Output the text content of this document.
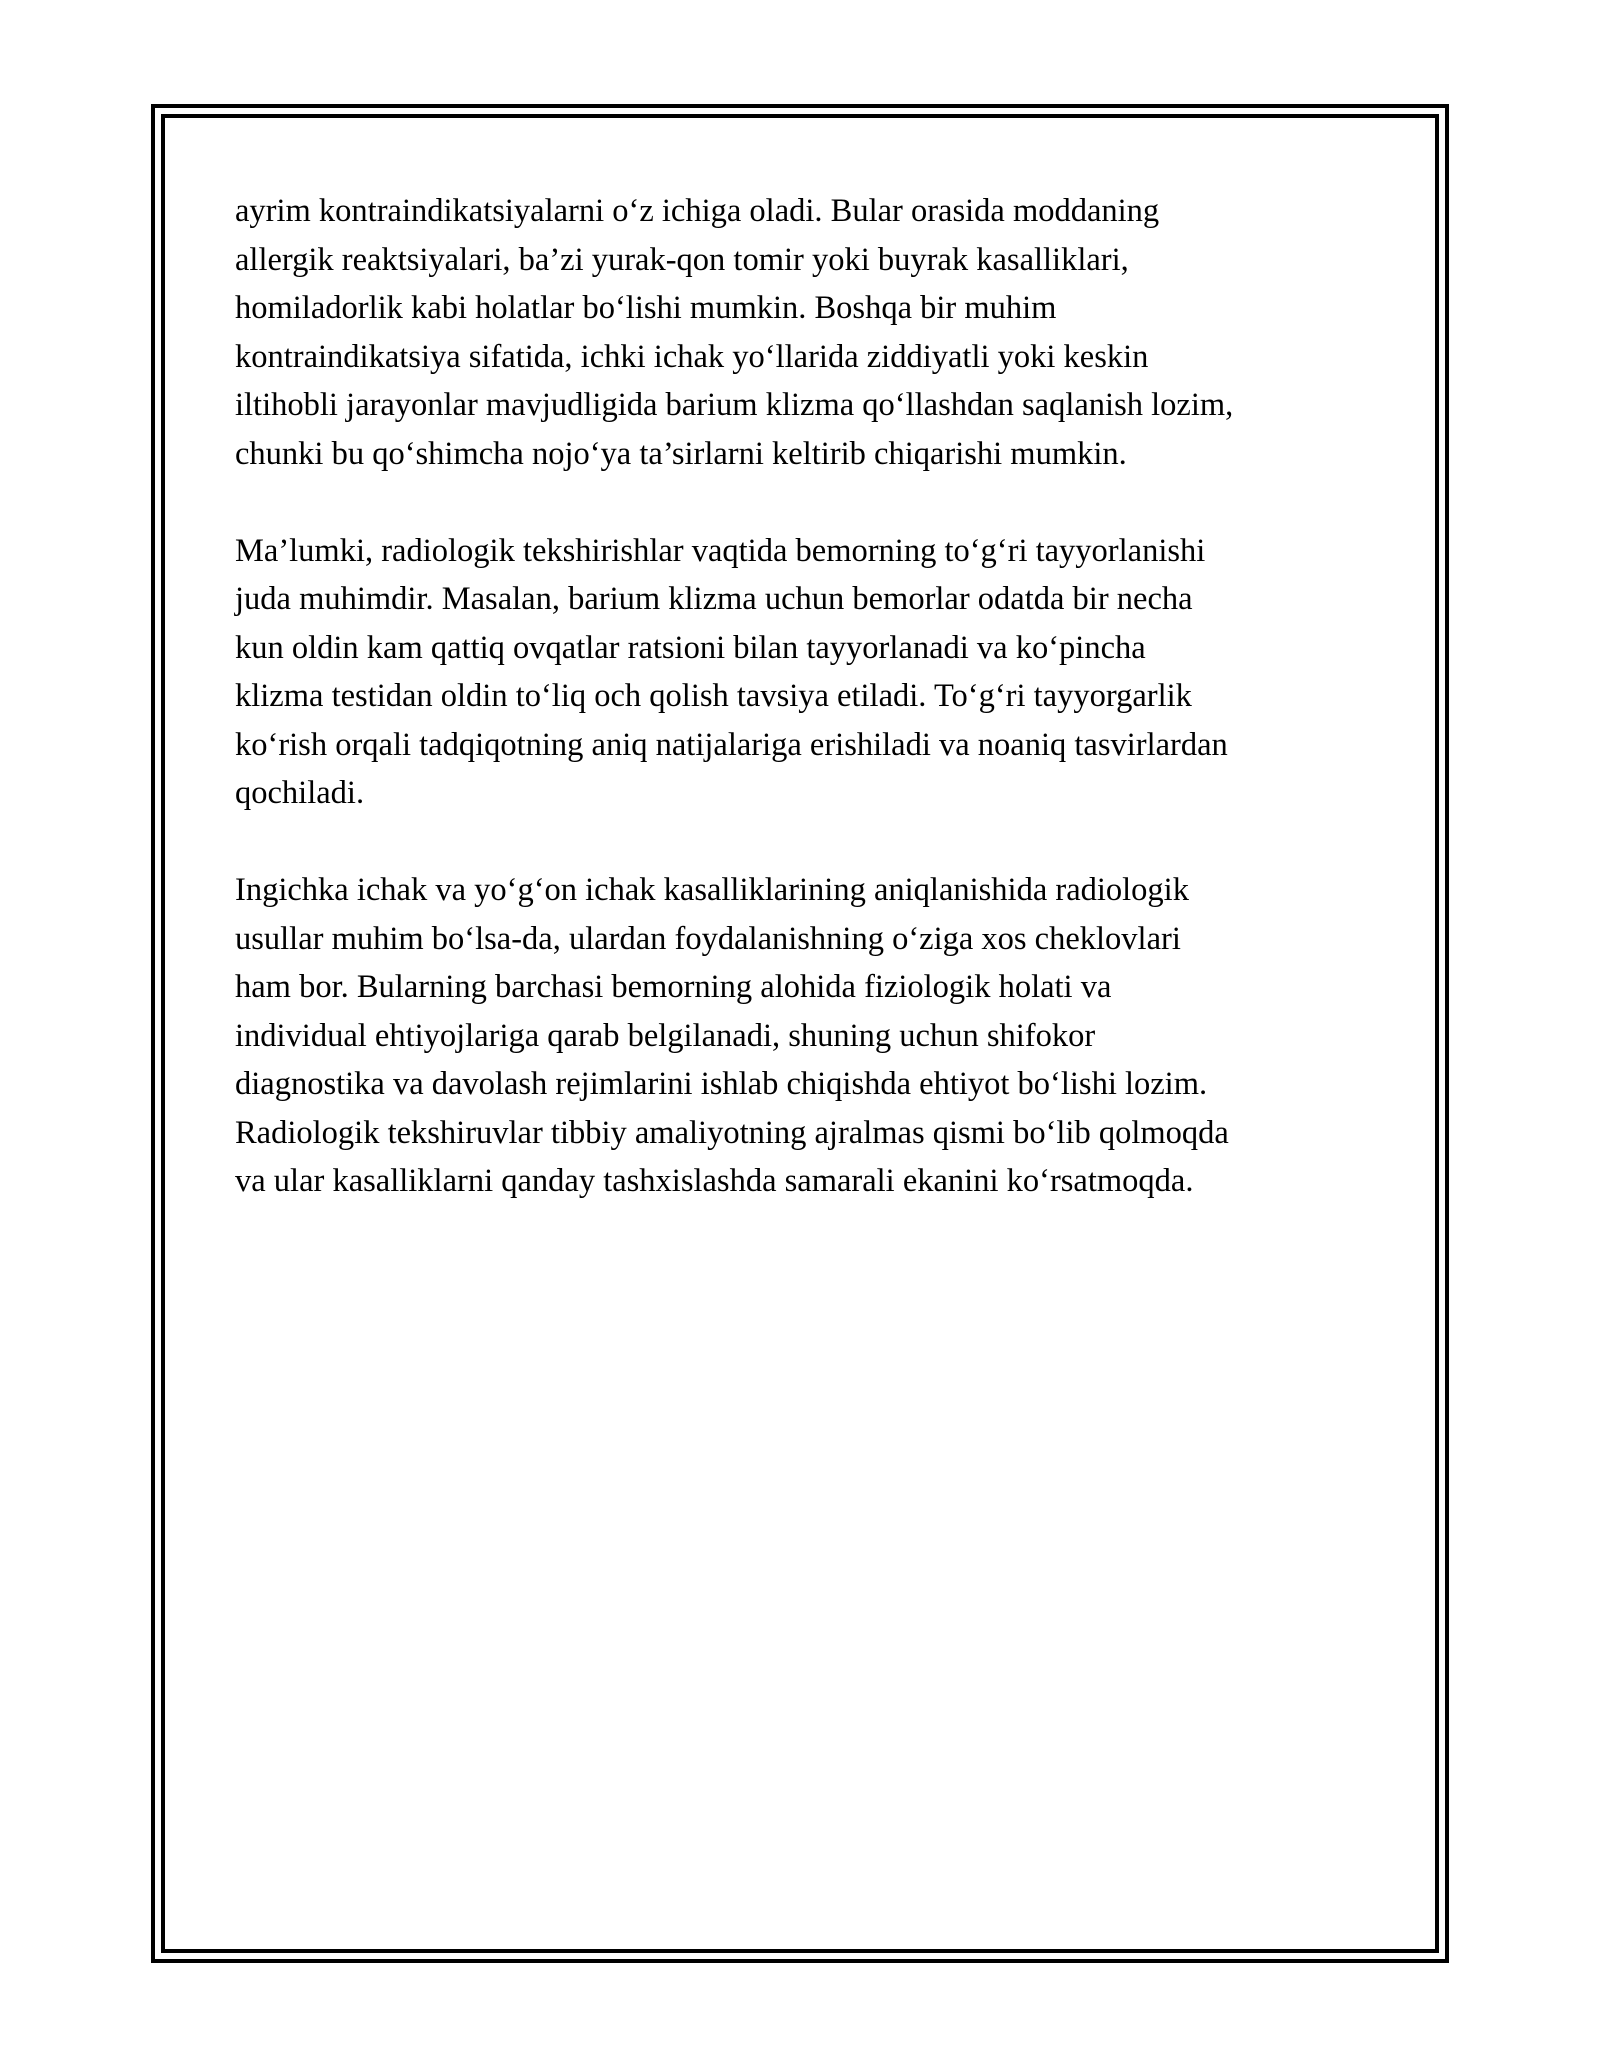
ayrim kontraindikatsiyalarni o‘z ichiga oladi. Bular orasida moddaning
allergik reaktsiyalari, ba’zi yurak-qon tomir yoki buyrak kasalliklari,
homiladorlik kabi holatlar bo‘lishi mumkin. Boshqa bir muhim
kontraindikatsiya sifatida, ichki ichak yo‘llarida ziddiyatli yoki keskin
iltihobli jarayonlar mavjudligida barium klizma qo‘llashdan saqlanish lozim,
chunki bu qo‘shimcha nojo‘ya ta’sirlarni keltirib chiqarishi mumkin.

Ma’lumki, radiologik tekshirishlar vaqtida bemorning to‘g‘ri tayyorlanishi
juda muhimdir. Masalan, barium klizma uchun bemorlar odatda bir necha
kun oldin kam qattiq ovqatlar ratsioni bilan tayyorlanadi va ko‘pincha
klizma testidan oldin to‘liq och qolish tavsiya etiladi. To‘g‘ri tayyorgarlik
ko‘rish orqali tadqiqotning aniq natijalariga erishiladi va noaniq tasvirlardan
qochiladi.

Ingichka ichak va yo‘g‘on ichak kasalliklarining aniqlanishida radiologik
usullar muhim bo‘lsa-da, ulardan foydalanishning o‘ziga xos cheklovlari
ham bor. Bularning barchasi bemorning alohida fiziologik holati va
individual ehtiyojlariga qarab belgilanadi, shuning uchun shifokor
diagnostika va davolash rejimlarini ishlab chiqishda ehtiyot bo‘lishi lozim.
Radiologik tekshiruvlar tibbiy amaliyotning ajralmas qismi bo‘lib qolmoqda
va ular kasalliklarni qanday tashxislashda samarali ekanini ko‘rsatmoqda.
